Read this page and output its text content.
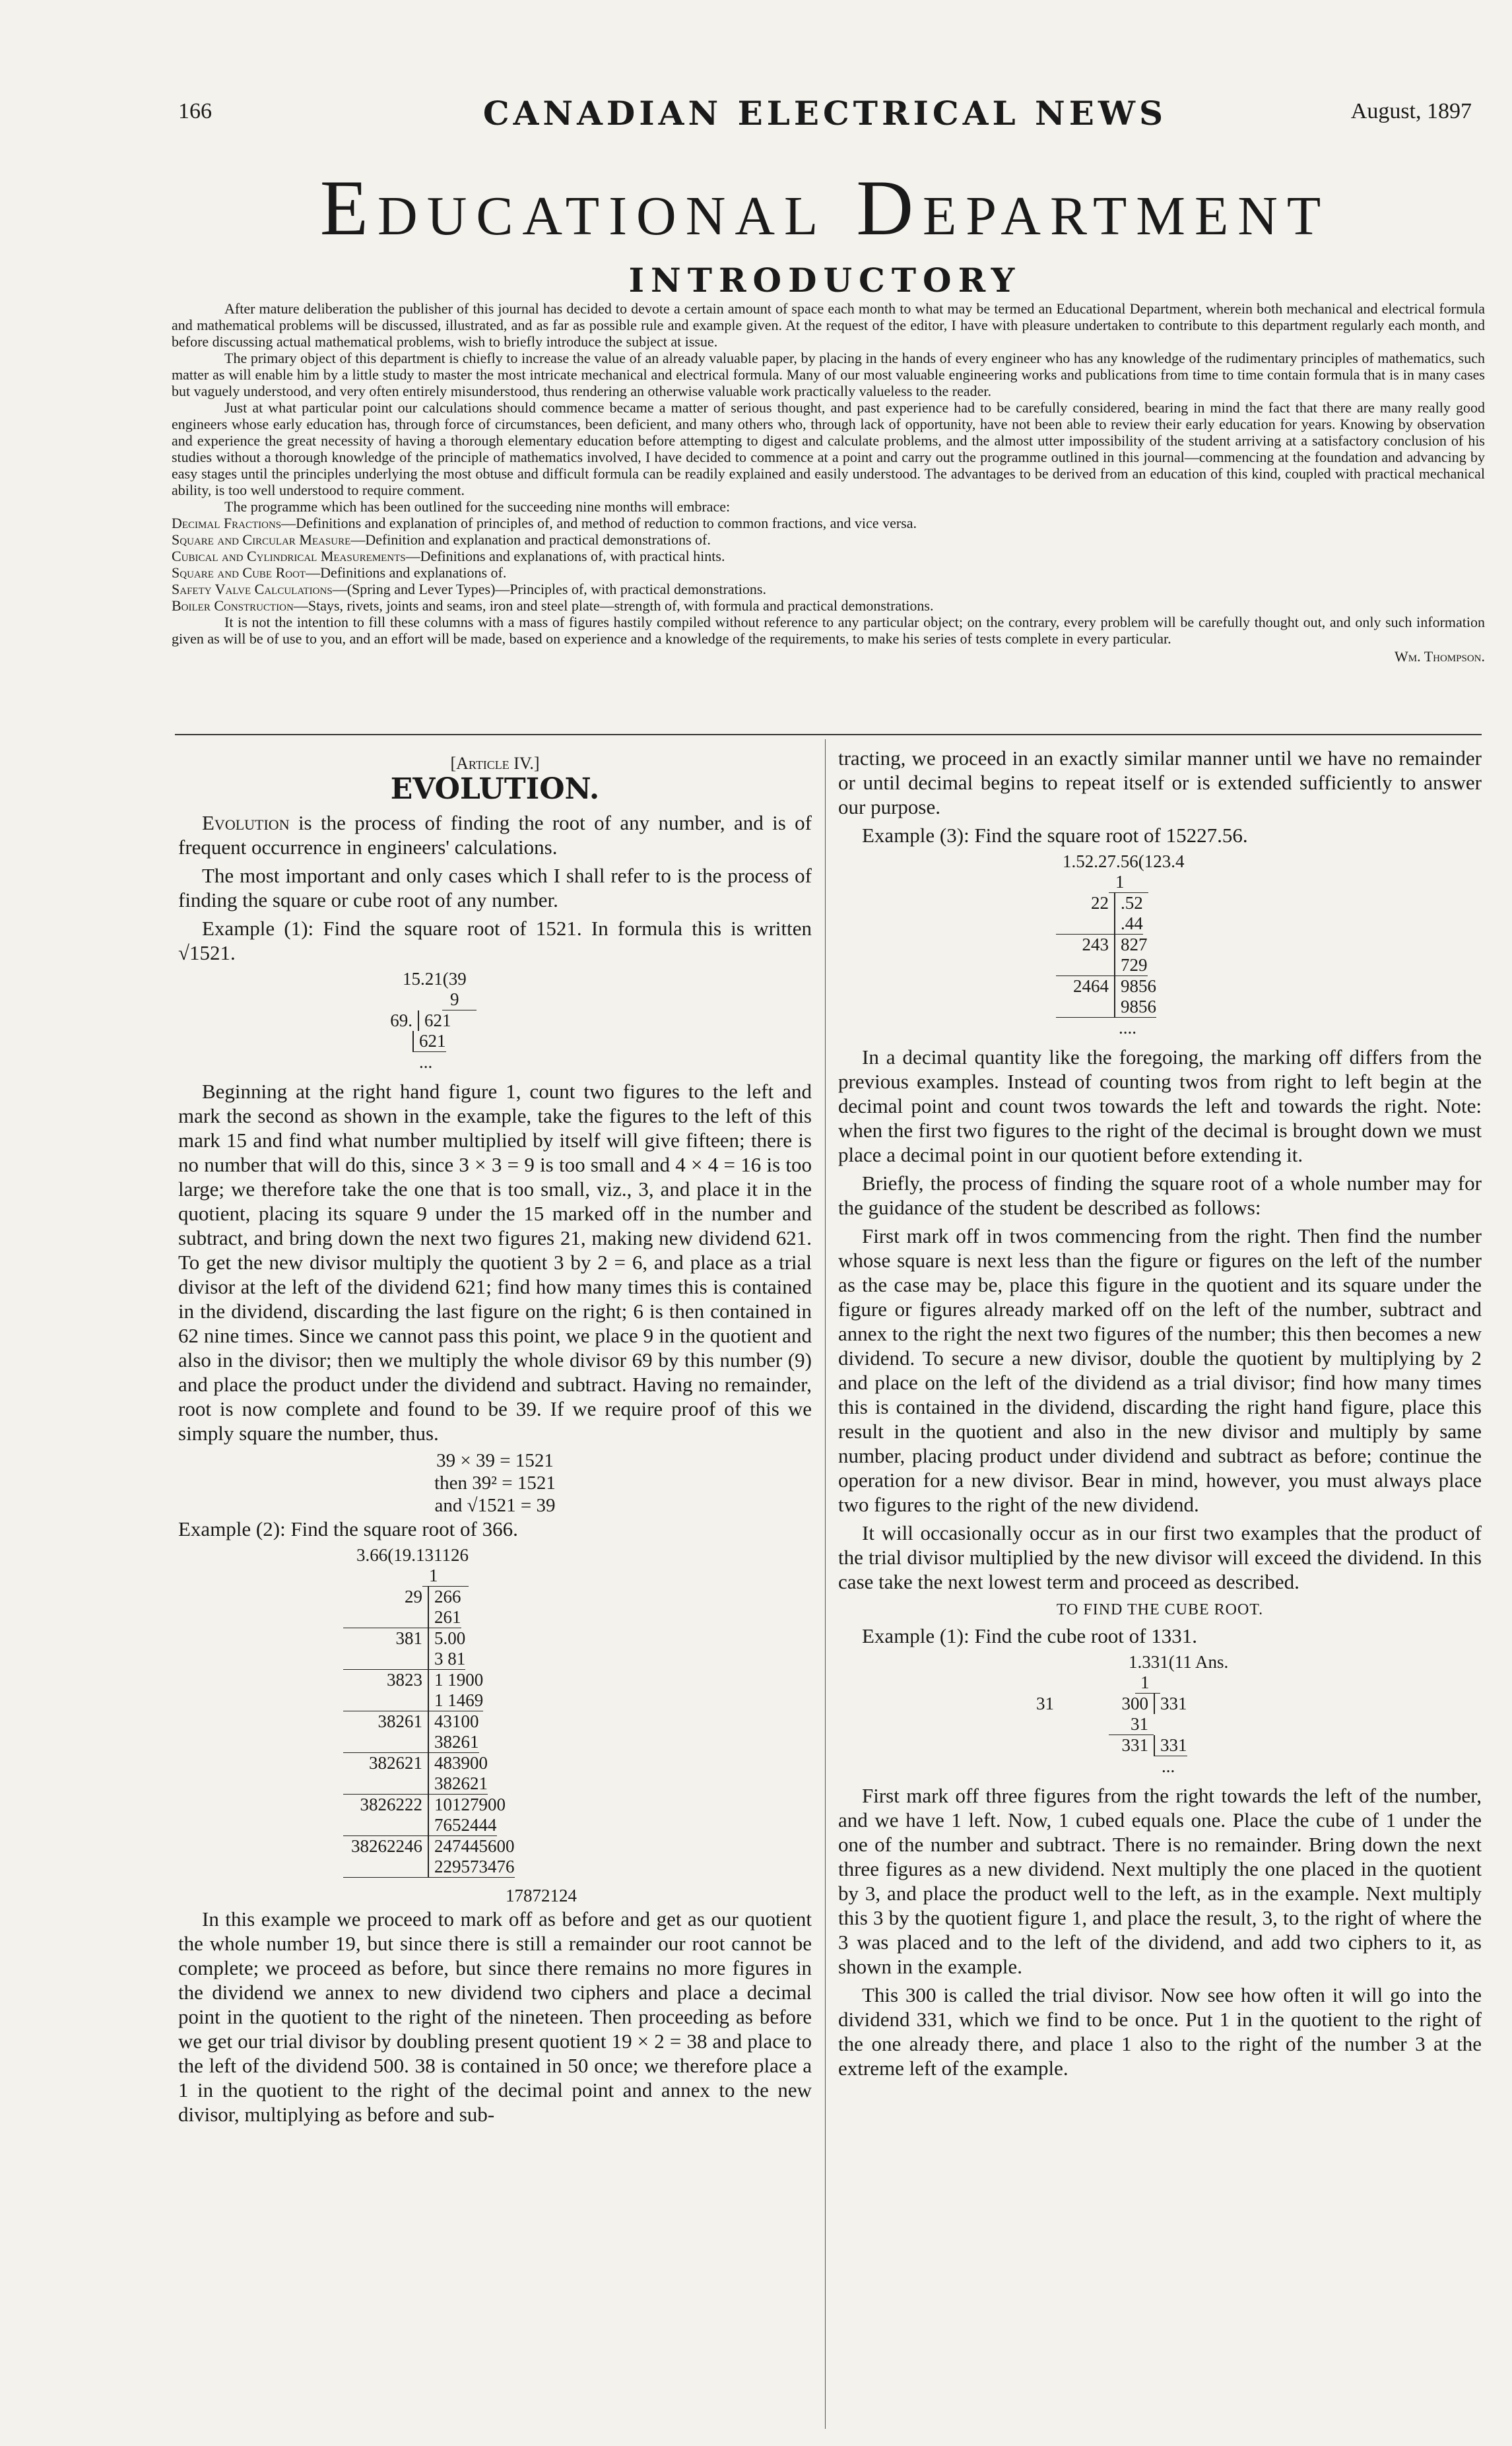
166	CANADIAN ELECTRICAL NEWS	August, 1897
Educational Department
INTRODUCTORY

After mature deliberation the publisher of this journal has decided to devote a certain amount of space each month to what may be termed an Educational Department, wherein both mechanical and electrical formula and mathematical problems will be discussed, illustrated, and as far as possible rule and example given. At the request of the editor, I have with pleasure undertaken to contribute to this department regularly each month, and before discussing actual mathematical problems, wish to briefly introduce the subject at issue.

The primary object of this department is chiefly to increase the value of an already valuable paper, by placing in the hands of every engineer who has any knowledge of the rudimentary principles of mathematics, such matter as will enable him by a little study to master the most intricate mechanical and electrical formula. Many of our most valuable engineering works and publications from time to time contain formula that is in many cases but vaguely understood, and very often entirely misunderstood, thus rendering an otherwise valuable work practically valueless to the reader.

Just at what particular point our calculations should commence became a matter of serious thought, and past experience had to be carefully considered, bearing in mind the fact that there are many really good engineers whose early education has, through force of circumstances, been deficient, and many others who, through lack of opportunity, have not been able to review their early education for years. Knowing by observation and experience the great necessity of having a thorough elementary education before attempting to digest and calculate problems, and the almost utter impossibility of the student arriving at a satisfactory conclusion of his studies without a thorough knowledge of the principle of mathematics involved, I have decided to commence at a point and carry out the programme outlined in this journal—commencing at the foundation and advancing by easy stages until the principles underlying the most obtuse and difficult formula can be readily explained and easily understood. The advantages to be derived from an education of this kind, coupled with practical mechanical ability, is too well understood to require comment.

The programme which has been outlined for the succeeding nine months will embrace:

Decimal Fractions—Definitions and explanation of principles of, and method of reduction to common fractions, and vice versa.

Square and Circular Measure—Definition and explanation and practical demonstrations of.

Cubical and Cylindrical Measurements—Definitions and explanations of, with practical hints.

Square and Cube Root—Definitions and explanations of.

Safety Valve Calculations—(Spring and Lever Types)—Principles of, with practical demonstrations.

Boiler Construction—Stays, rivets, joints and seams, iron and steel plate—strength of, with formula and practical demonstrations.

It is not the intention to fill these columns with a mass of figures hastily compiled without reference to any particular object; on the contrary, every problem will be carefully thought out, and only such information given as will be of use to you, and an effort will be made, based on experience and a knowledge of the requirements, to make his series of tests complete in every particular.

Wm. Thompson.
[Article IV.]
EVOLUTION.

Evolution is the process of finding the root of any number, and is of frequent occurrence in engineers' calculations.

The most important and only cases which I shall refer to is the process of finding the square or cube root of any number.

Example (1): Find the square root of 1521. In formula this is written √1521.

15.21(39
9
69. 621
621
...

Beginning at the right hand figure 1, count two figures to the left and mark the second as shown in the example, take the figures to the left of this mark 15 and find what number multiplied by itself will give fifteen; there is no number that will do this, since 3 × 3 = 9 is too small and 4 × 4 = 16 is too large; we therefore take the one that is too small, viz., 3, and place it in the quotient, placing its square 9 under the 15 marked off in the number and subtract, and bring down the next two figures 21, making new dividend 621. To get the new divisor multiply the quotient 3 by 2 = 6, and place as a trial divisor at the left of the dividend 621; find how many times this is contained in the dividend, discarding the last figure on the right; 6 is then contained in 62 nine times. Since we cannot pass this point, we place 9 in the quotient and also in the divisor; then we multiply the whole divisor 69 by this number (9) and place the product under the dividend and subtract. Having no remainder, root is now complete and found to be 39. If we require proof of this we simply square the number, thus.

39 × 39 = 1521
then 39² = 1521
and √1521 = 39

Example (2): Find the square root of 366.

3.66(19.131126
1
29 266

261
381 5.00

3 81
3823 1 1900

1 1469
38261 43100

38261
382621 483900

382621
3826222 10127900

7652444
38262246 247445600

229573476
17872124

In this example we proceed to mark off as before and get as our quotient the whole number 19, but since there is still a remainder our root cannot be complete; we proceed as before, but since there remains no more figures in the dividend we annex to new dividend two ciphers and place a decimal point in the quotient to the right of the nineteen. Then proceeding as before we get our trial divisor by doubling present quotient 19 × 2 = 38 and place to the left of the dividend 500. 38 is contained in 50 once; we therefore place a 1 in the quotient to the right of the decimal point and annex to the new divisor, multiplying as before and sub-

tracting, we proceed in an exactly similar manner until we have no remainder or until decimal begins to repeat itself or is extended sufficiently to answer our purpose.

Example (3): Find the square root of 15227.56.

1.52.27.56(123.4
1
22 .52

.44
243 827

729
2464 9856

9856
....

In a decimal quantity like the foregoing, the marking off differs from the previous examples. Instead of counting twos from right to left begin at the decimal point and count twos towards the left and towards the right. Note: when the first two figures to the right of the decimal is brought down we must place a decimal point in our quotient before extending it.

Briefly, the process of finding the square root of a whole number may for the guidance of the student be described as follows:

First mark off in twos commencing from the right. Then find the number whose square is next less than the figure or figures on the left of the number as the case may be, place this figure in the quotient and its square under the figure or figures already marked off on the left of the number, subtract and annex to the right the next two figures of the number; this then becomes a new dividend. To secure a new divisor, double the quotient by multiplying by 2 and place on the left of the dividend as a trial divisor; find how many times this is contained in the dividend, discarding the right hand figure, place this result in the quotient and also in the new divisor and multiply by same number, placing product under dividend and subtract as before; continue the operation for a new divisor. Bear in mind, however, you must always place two figures to the right of the new dividend.

It will occasionally occur as in our first two examples that the product of the trial divisor multiplied by the new divisor will exceed the dividend. In this case take the next lowest term and proceed as described.

TO FIND THE CUBE ROOT.

Example (1): Find the cube root of 1331.

1.331(11 Ans.
1
31	300 331
31
331 331
...

First mark off three figures from the right towards the left of the number, and we have 1 left. Now, 1 cubed equals one. Place the cube of 1 under the one of the number and subtract. There is no remainder. Bring down the next three figures as a new dividend. Next multiply the one placed in the quotient by 3, and place the product well to the left, as in the example. Next multiply this 3 by the quotient figure 1, and place the result, 3, to the right of where the 3 was placed and to the left of the dividend, and add two ciphers to it, as shown in the example.

This 300 is called the trial divisor. Now see how often it will go into the dividend 331, which we find to be once. Put 1 in the quotient to the right of the one already there, and place 1 also to the right of the number 3 at the extreme left of the example.
